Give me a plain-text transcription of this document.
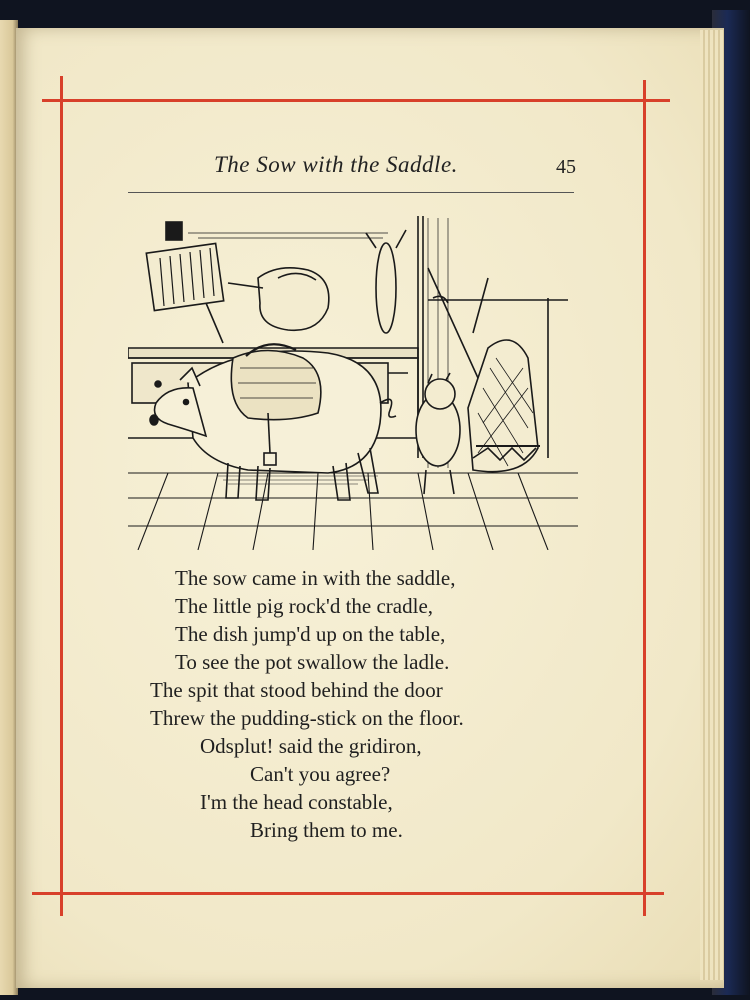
The Sow with the Saddle.	45
The sow came in with the saddle,
The little pig rock'd the cradle,
The dish jump'd up on the table,
To see the pot swallow the ladle.
The spit that stood behind the door
Threw the pudding-stick on the floor.
Odsplut! said the gridiron,
Can't you agree?
I'm the head constable,
Bring them to me.
